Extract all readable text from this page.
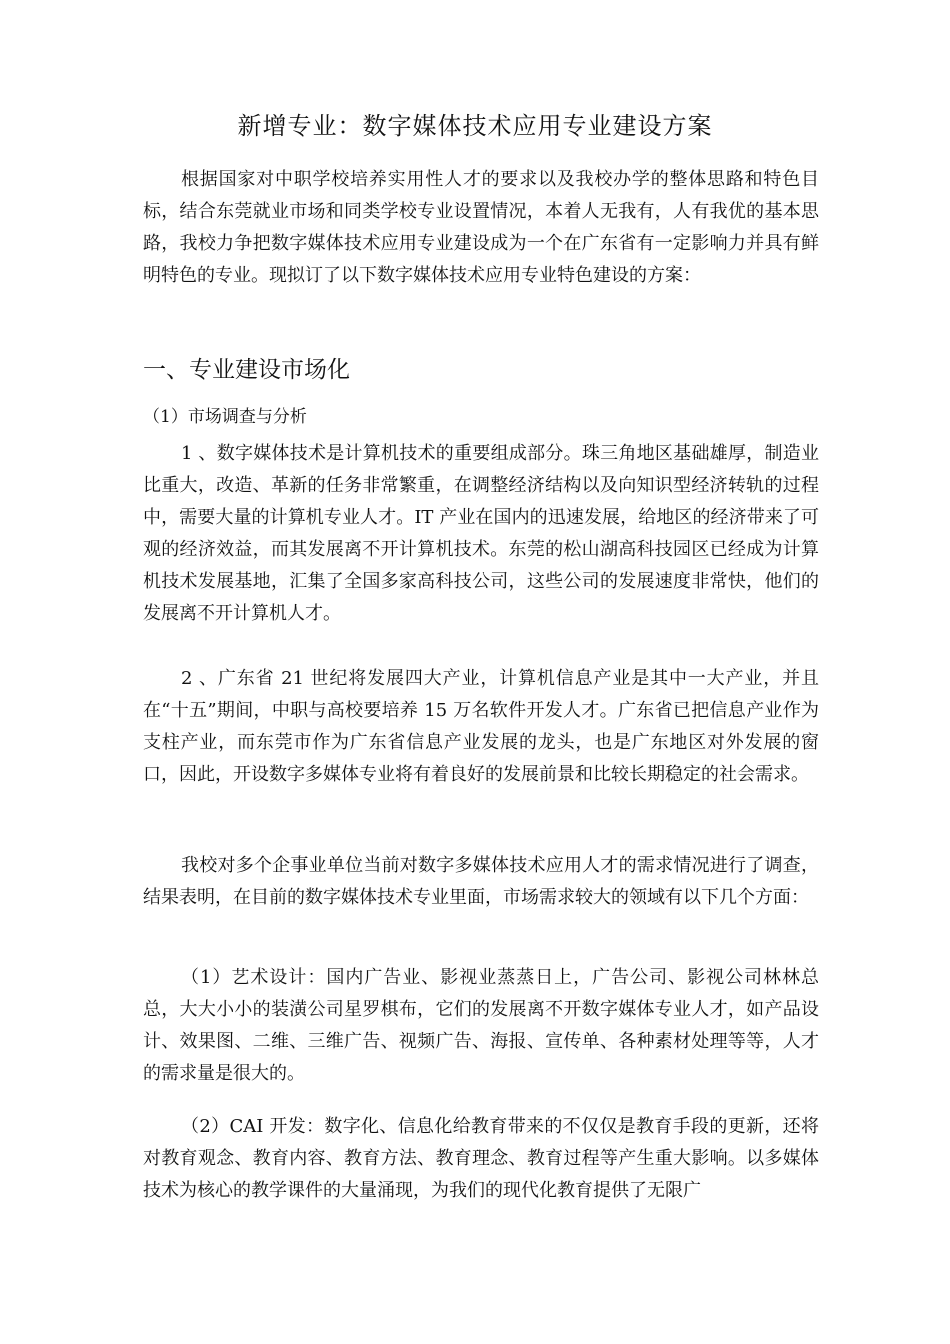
新增专业：数字媒体技术应用专业建设方案

根据国家对中职学校培养实用性人才的要求以及我校办学的整体思路和特色目标，结合东莞就业市场和同类学校专业设置情况，本着人无我有，人有我优的基本思路，我校力争把数字媒体技术应用专业建设成为一个在广东省有一定影响力并具有鲜明特色的专业。现拟订了以下数字媒体技术应用专业特色建设的方案：

一、专业建设市场化
（1）市场调查与分析

1 、数字媒体技术是计算机技术的重要组成部分。珠三角地区基础雄厚，制造业比重大，改造、革新的任务非常繁重，在调整经济结构以及向知识型经济转轨的过程中，需要大量的计算机专业人才。IT 产业在国内的迅速发展，给地区的经济带来了可观的经济效益，而其发展离不开计算机技术。东莞的松山湖高科技园区已经成为计算机技术发展基地，汇集了全国多家高科技公司，这些公司的发展速度非常快，他们的发展离不开计算机人才。

2 、广东省 21 世纪将发展四大产业，计算机信息产业是其中一大产业，并且在“十五”期间，中职与高校要培养 15 万名软件开发人才。广东省已把信息产业作为支柱产业，而东莞市作为广东省信息产业发展的龙头，也是广东地区对外发展的窗口，因此，开设数字多媒体专业将有着良好的发展前景和比较长期稳定的社会需求。

我校对多个企事业单位当前对数字多媒体技术应用人才的需求情况进行了调查，结果表明，在目前的数字媒体技术专业里面，市场需求较大的领域有以下几个方面：

（1）艺术设计：国内广告业、影视业蒸蒸日上，广告公司、影视公司林林总总，大大小小的装潢公司星罗棋布，它们的发展离不开数字媒体专业人才，如产品设计、效果图、二维、三维广告、视频广告、海报、宣传单、各种素材处理等等，人才的需求量是很大的。

（2）CAI 开发：数字化、信息化给教育带来的不仅仅是教育手段的更新，还将对教育观念、教育内容、教育方法、教育理念、教育过程等产生重大影响。以多媒体技术为核心的教学课件的大量涌现，为我们的现代化教育提供了无限广
